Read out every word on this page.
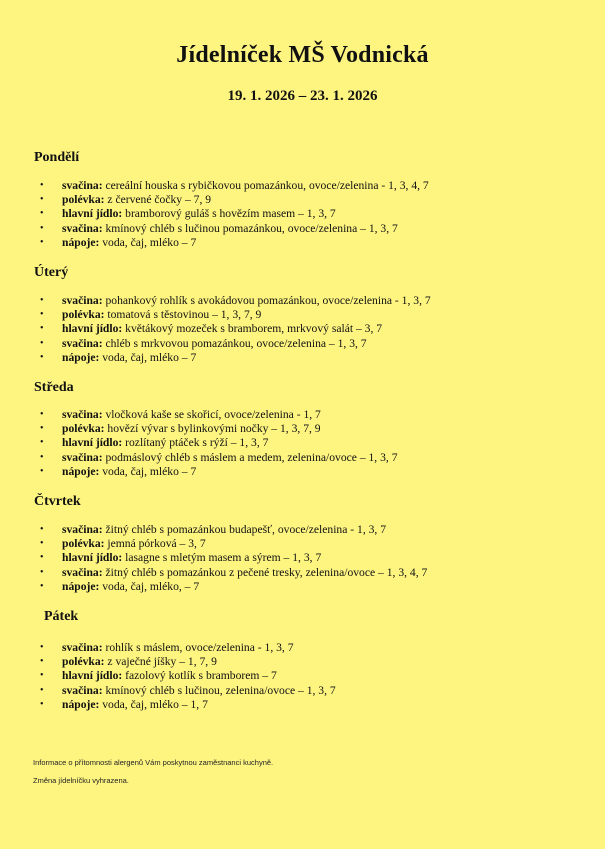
Jídelníček MŠ Vodnická
19. 1. 2026 – 23. 1. 2026
Pondělí
• svačina: cereální houska s rybičkovou pomazánkou, ovoce/zelenina - 1, 3, 4, 7
• polévka: z červené čočky – 7, 9
• hlavní jídlo: bramborový guláš s hovězím masem – 1, 3, 7
• svačina: kmínový chléb s lučinou pomazánkou, ovoce/zelenina – 1, 3, 7
• nápoje: voda, čaj, mléko – 7
Úterý
• svačina: pohankový rohlík s avokádovou pomazánkou, ovoce/zelenina - 1, 3, 7
• polévka: tomatová s těstovinou – 1, 3, 7, 9
• hlavní jídlo: květákový mozeček s bramborem, mrkvový salát – 3, 7
• svačina: chléb s mrkvovou pomazánkou, ovoce/zelenina – 1, 3, 7
• nápoje: voda, čaj, mléko – 7
Středa
• svačina: vločková kaše se skořicí, ovoce/zelenina - 1, 7
• polévka: hovězí vývar s bylinkovými nočky – 1, 3, 7, 9
• hlavní jídlo: rozlítaný ptáček s rýží – 1, 3, 7
• svačina: podmáslový chléb s máslem a medem, zelenina/ovoce – 1, 3, 7
• nápoje: voda, čaj, mléko – 7
Čtvrtek
• svačina: žitný chléb s pomazánkou budapešť, ovoce/zelenina - 1, 3, 7
• polévka: jemná pórková – 3, 7
• hlavní jídlo: lasagne s mletým masem a sýrem – 1, 3, 7
• svačina: žitný chléb s pomazánkou z pečené tresky, zelenina/ovoce – 1, 3, 4, 7
• nápoje: voda, čaj, mléko, – 7
Pátek
• svačina: rohlík s máslem, ovoce/zelenina - 1, 3, 7
• polévka: z vaječné jíšky – 1, 7, 9
• hlavní jídlo: fazolový kotlík s bramborem – 7
• svačina: kmínový chléb s lučinou, zelenina/ovoce – 1, 3, 7
• nápoje: voda, čaj, mléko – 1, 7
Informace o přítomnosti alergenů Vám poskytnou zaměstnanci kuchyně.
Změna jídelníčku vyhrazena.
